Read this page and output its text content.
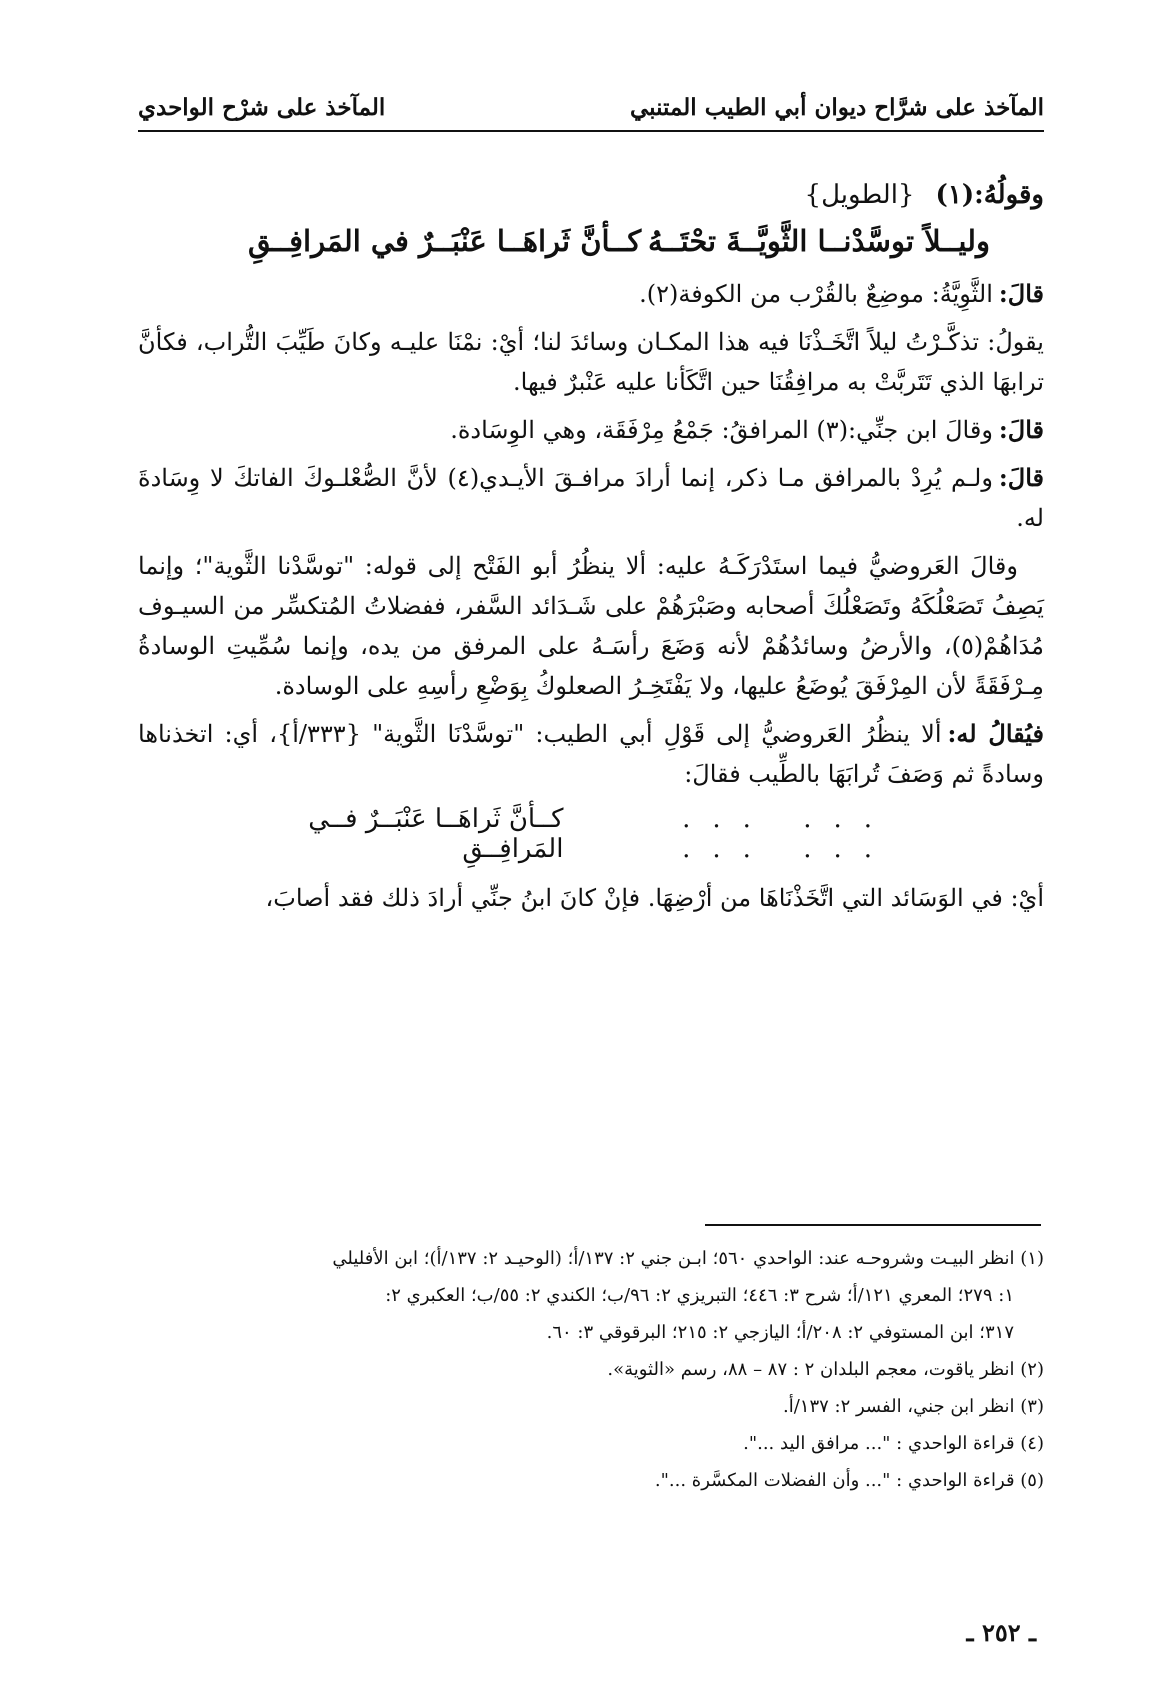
المآخذ على شرَّاح ديوان أبي الطيب المتنبي
المآخذ على شرْح الواحدي
وقولُهُ:(١) {الطويل}
وليــلاً توسَّدْنــا الثَّويَّــةَ تحْتَــهُ
كــأنَّ ثَراهَــا عَنْبَــرٌ في المَرافِــقِ

قالَ:الثَّوِيَّةُ: موضِعٌ بالقُرْب من الكوفة(٢).

يقولُ: تذكَّـرْتُ ليلاً اتَّخَـذْنَا فيه هذا المكـان وسائدَ لنا؛ أيْ: نمْنَا عليـه وكانَ طَيِّبَ التُّراب، فكأنَّ ترابهَا الذي تَتَربَّتْ به مرافِقُنَا حين اتَّكَأنا عليه عَنْبرٌ فيها.

قالَ:وقالَ ابن جنِّي:(٣) المرافقُ: جَمْعُ مِرْفَقَة، وهي الوِسَادة.

قالَ:ولـم يُرِدْ بالمرافق مـا ذكر، إنما أرادَ مرافـقَ الأيـدي(٤) لأنَّ الصُّعْلـوكَ الفاتكَ لا وِسَادةَ له.

وقالَ العَروضيُّ فيما استَدْرَكَـهُ عليه: ألا ينظُرُ أبو الفَتْح إلى قوله: "توسَّدْنا الثَّوية"؛ وإنما يَصِفُ تَصَعْلُكَهُ وتَصَعْلُكَ أصحابه وصَبْرَهُمْ على شَـدَائد السَّفر، ففضلاتُ المُتكسِّر من السيـوف مُدَاهُمْ(٥)، والأرضُ وسائدُهُمْ لأنه وَضَعَ رأسَـهُ على المرفق من يده، وإنما سُمِّيتِ الوسادةُ مِـرْفَقَةً لأن المِرْفَقَ يُوضَعُ عليها، ولا يَفْتَخِـرُ الصعلوكُ بِوَضْعِ رأسِهِ على الوسادة.

فيُقالُ له:ألا ينظُرُ العَروضيُّ إلى قَوْلِ أبي الطيب: "توسَّدْنَا الثَّوية" {٣٣٣/أ}، أي: اتخذناها وسادةً ثم وَصَفَ تُرابَهَا بالطِّيب فقالَ:

... ... ... ...
كــأنَّ ثَراهَــا عَنْبَــرٌ فــي المَرافِــقِ

أيْ: في الوَسَائد التي اتَّخَذْنَاهَا من أرْضِهَا. فإنْ كانَ ابنُ جنِّي أرادَ ذلك فقد أصابَ،

(١) انظر البيـت وشروحـه عند: الواحدي ٥٦٠؛ ابـن جني ٢: ١٣٧/أ؛ (الوحيـد ٢: ١٣٧/أ)؛ ابن الأفليلي
١: ٢٧٩؛ المعري ١٢١/أ؛ شرح ٣: ٤٤٦؛ التبريزي ٢: ٩٦/ب؛ الكندي ٢: ٥٥/ب؛ العكبري ٢:
٣١٧؛ ابن المستوفي ٢: ٢٠٨/أ؛ اليازجي ٢: ٢١٥؛ البرقوقي ٣: ٦٠.
(٢) انظر ياقوت، معجم البلدان ٢ : ٨٧ – ٨٨، رسم «الثوية».
(٣) انظر ابن جني، الفسر ٢: ١٣٧/أ.
(٤) قراءة الواحدي : "... مرافق اليد ...".
(٥) قراءة الواحدي : "... وأن الفضلات المكسَّرة ...".
ـ ٢٥٢ ـ
